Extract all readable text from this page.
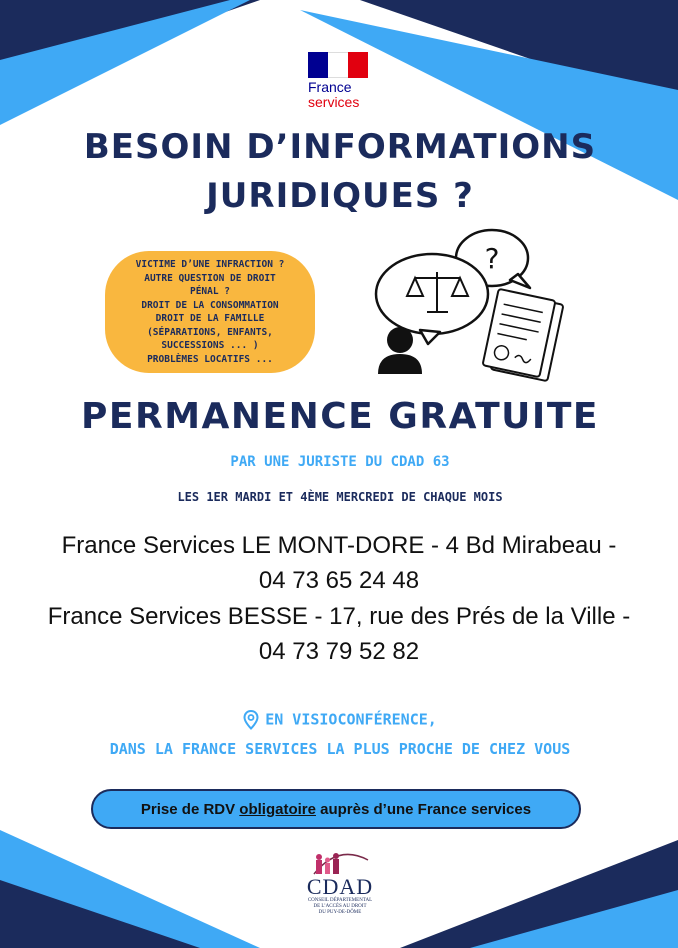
France
services
BESOIN D’INFORMATIONS
JURIDIQUES ?
VICTIME D’UNE INFRACTION ?
AUTRE QUESTION DE DROIT
PÉNAL ?
DROIT DE LA CONSOMMATION
DROIT DE LA FAMILLE
(SÉPARATIONS, ENFANTS,
SUCCESSIONS ... )
PROBLÈMES LOCATIFS ...
?
PERMANENCE GRATUITE
PAR UNE JURISTE DU CDAD 63
LES 1ER MARDI ET 4ÈME MERCREDI DE CHAQUE MOIS
France Services LE MONT-DORE - 4 Bd Mirabeau -
04 73 65 24 48
France Services BESSE - 17, rue des Prés de la Ville -
04 73 79 52 82
EN VISIOCONFÉRENCE,
DANS LA FRANCE SERVICES LA PLUS PROCHE DE CHEZ VOUS
Prise de RDV obligatoire auprès d’une France services
CDAD
CONSEIL DÉPARTEMENTAL
DE L’ACCÈS AU DROIT
DU PUY-DE-DÔME
